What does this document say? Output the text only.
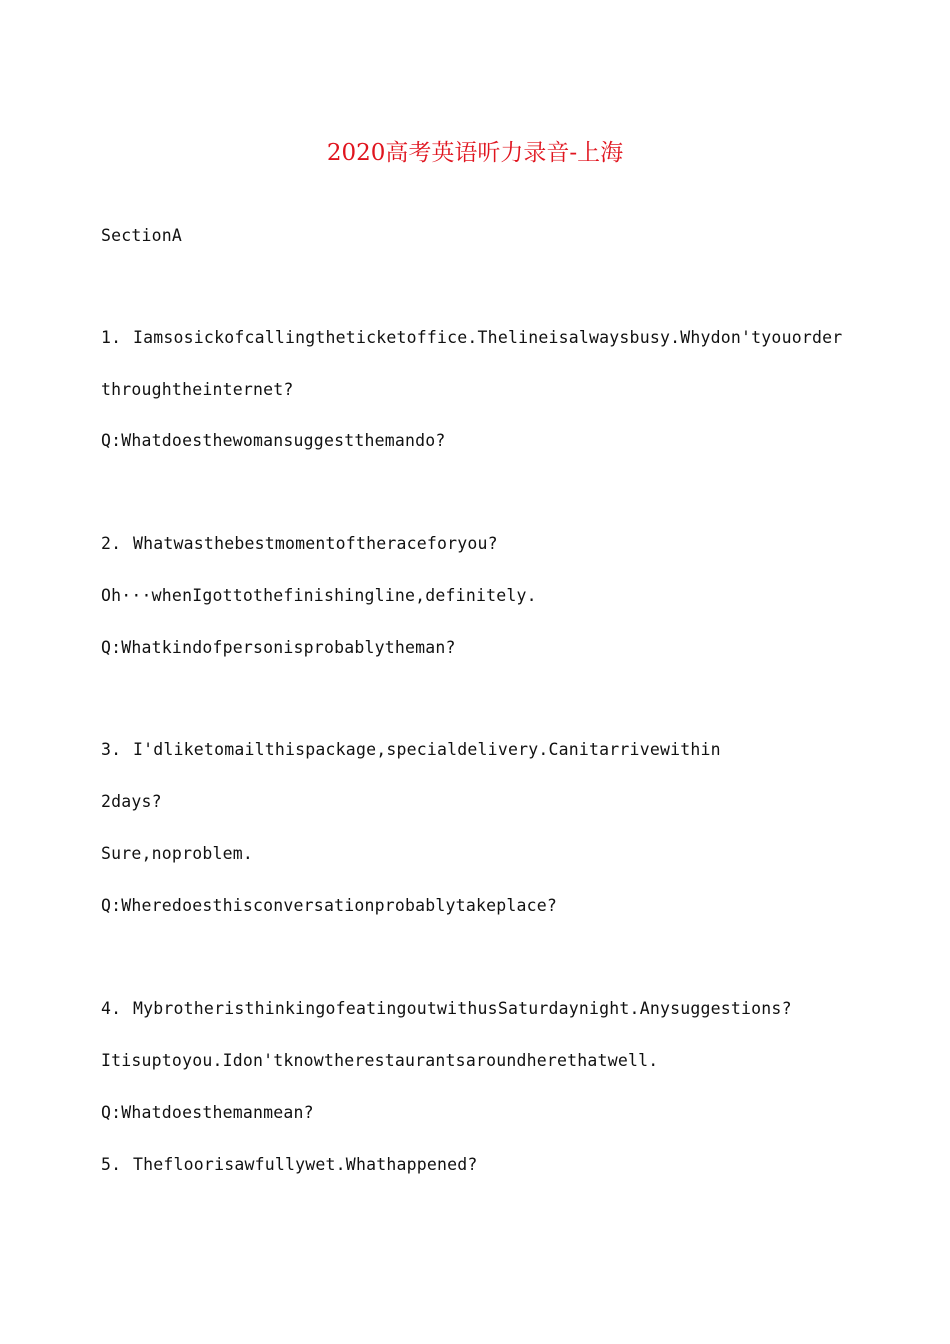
2020高考英语听力录音-上海
SectionA
1. Iamsosickofcallingtheticketoffice.Thelineisalwaysbusy.Whydon'tyouorder
throughtheinternet?
Q:Whatdoesthewomansuggestthemando?
2. Whatwasthebestmomentoftheraceforyou?
Oh···whenIgottothefinishingline,definitely.
Q:Whatkindofpersonisprobablytheman?
3. I'dliketomailthispackage,specialdelivery.Canitarrivewithin
2days?
Sure,noproblem.
Q:Wheredoesthisconversationprobablytakeplace?
4. MybrotheristhinkingofeatingoutwithusSaturdaynight.Anysuggestions?
Itisuptoyou.Idon'tknowtherestaurantsaroundherethatwell.
Q:Whatdoesthemanmean?
5. Thefloorisawfullywet.Whathappened?
